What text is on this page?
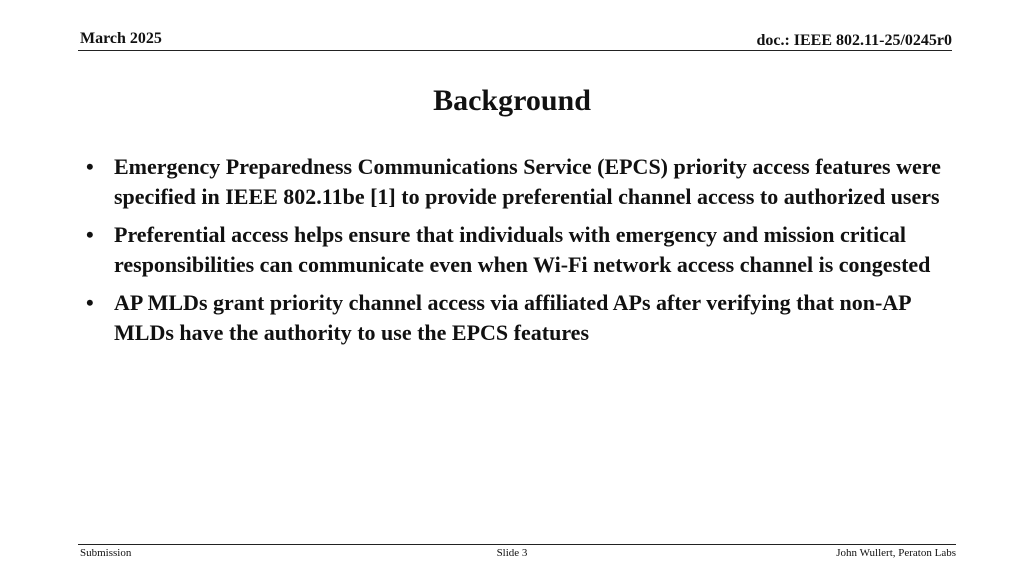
March 2025	doc.: IEEE 802.11-25/0245r0
Background
• Emergency Preparedness Communications Service (EPCS) priority access features were specified in IEEE 802.11be [1] to provide preferential channel access to authorized users
• Preferential access helps ensure that individuals with emergency and mission critical responsibilities can communicate even when Wi-Fi network access channel is congested
• AP MLDs grant priority channel access via affiliated APs after verifying that non-AP MLDs have the authority to use the EPCS features
Submission	Slide 3	John Wullert, Peraton Labs
